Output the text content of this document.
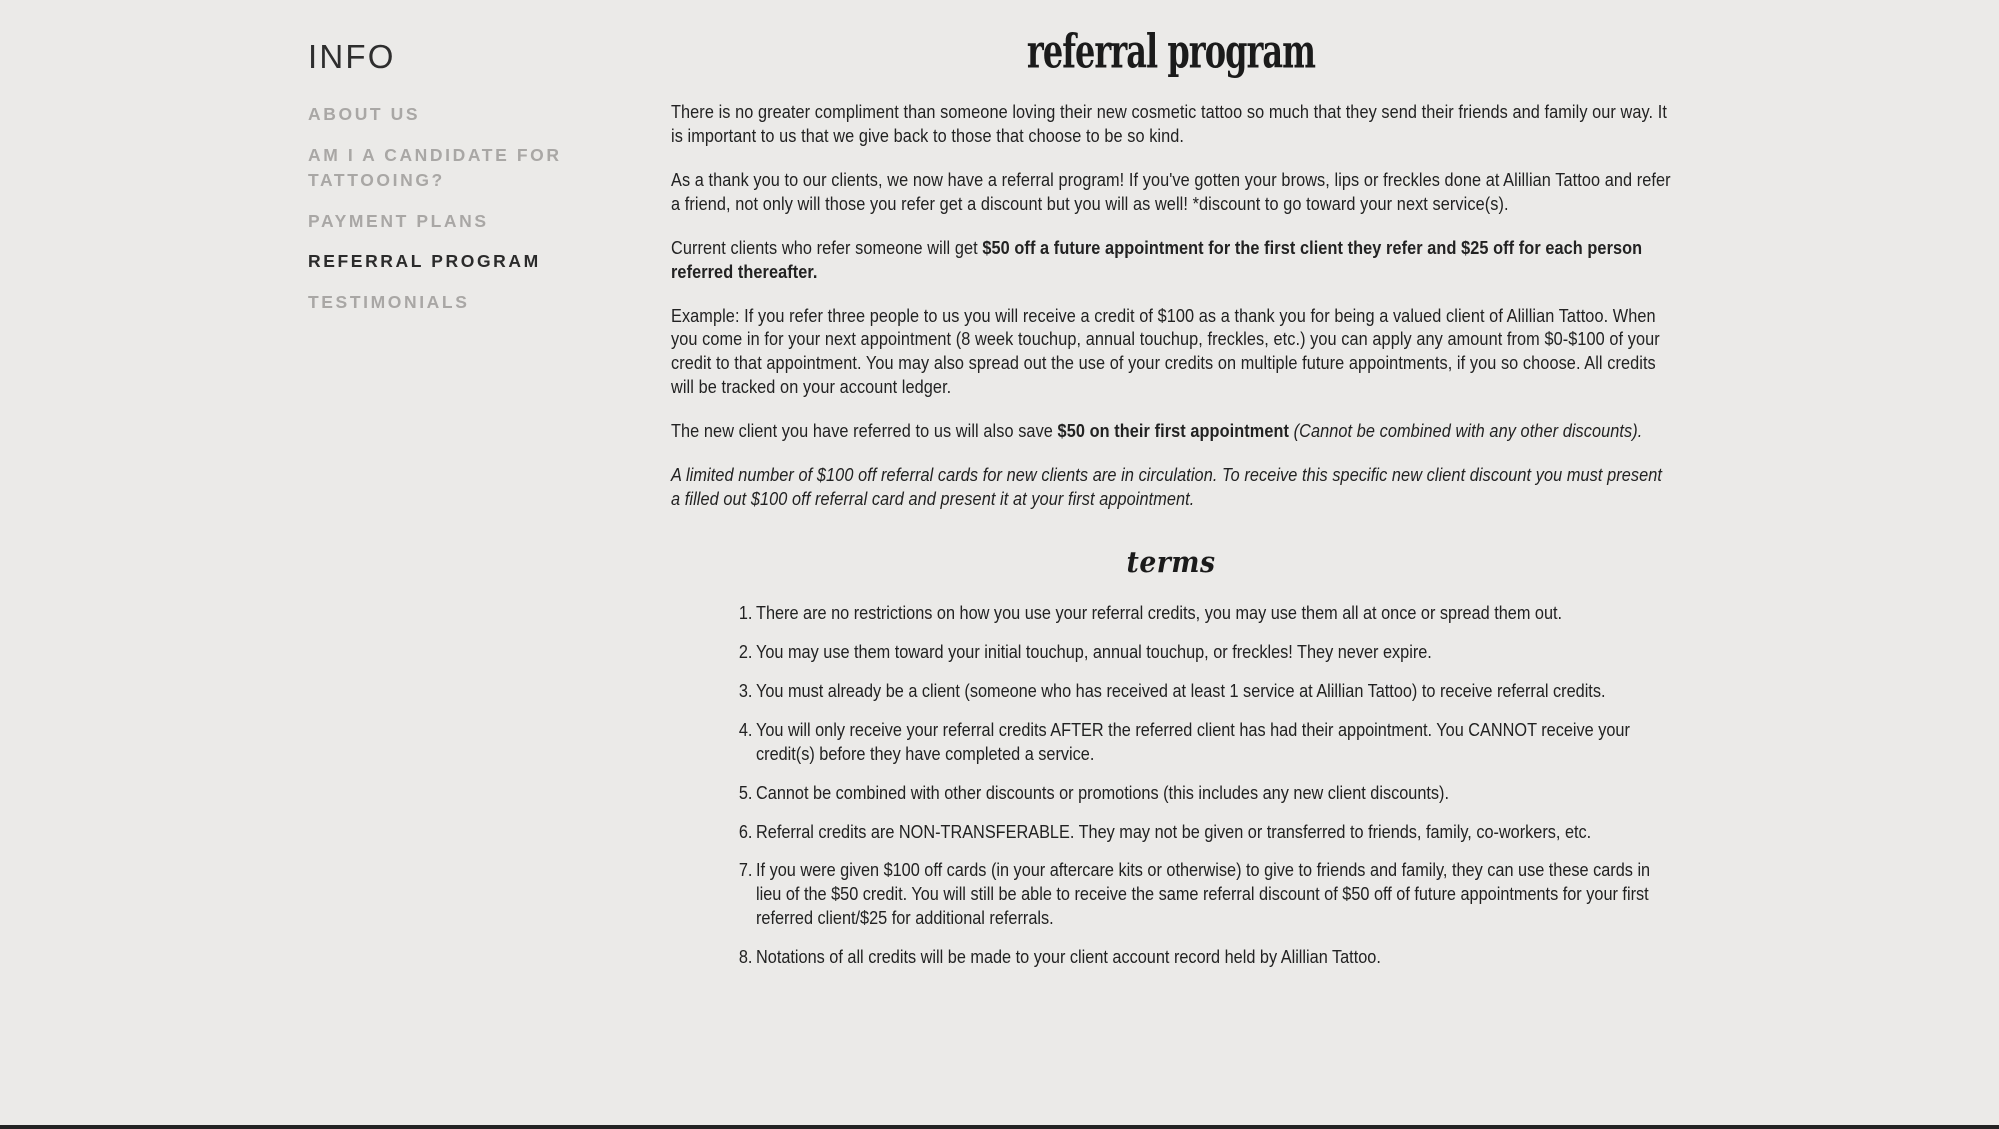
INFO
ABOUT US
AM I A CANDIDATE FOR TATTOOING?
PAYMENT PLANS
REFERRAL PROGRAM
TESTIMONIALS
referral program

There is no greater compliment than someone loving their new cosmetic tattoo so much that they send their friends and family our way. It is important to us that we give back to those that choose to be so kind.

As a thank you to our clients, we now have a referral program! If you've gotten your brows, lips or freckles done at Alillian Tattoo and refer a friend, not only will those you refer get a discount but you will as well! *discount to go toward your next service(s).

Current clients who refer someone will get $50 off a future appointment for the first client they refer and $25 off for each person referred thereafter.

Example: If you refer three people to us you will receive a credit of $100 as a thank you for being a valued client of Alillian Tattoo. When you come in for your next appointment (8 week touchup, annual touchup, freckles, etc.) you can apply any amount from $0-$100 of your credit to that appointment. You may also spread out the use of your credits on multiple future appointments, if you so choose. All credits will be tracked on your account ledger.

The new client you have referred to us will also save $50 on their first appointment (Cannot be combined with any other discounts).

A limited number of $100 off referral cards for new clients are in circulation. To receive this specific new client discount you must present a filled out $100 off referral card and present it at your first appointment.

terms
There are no restrictions on how you use your referral credits, you may use them all at once or spread them out.
You may use them toward your initial touchup, annual touchup, or freckles! They never expire.
You must already be a client (someone who has received at least 1 service at Alillian Tattoo) to receive referral credits.
You will only receive your referral credits AFTER the referred client has had their appointment. You CANNOT receive your credit(s) before they have completed a service.
Cannot be combined with other discounts or promotions (this includes any new client discounts).
Referral credits are NON-TRANSFERABLE. They may not be given or transferred to friends, family, co-workers, etc.
If you were given $100 off cards (in your aftercare kits or otherwise) to give to friends and family, they can use these cards in lieu of the $50 credit. You will still be able to receive the same referral discount of $50 off of future appointments for your first referred client/$25 for additional referrals.
Notations of all credits will be made to your client account record held by Alillian Tattoo.
